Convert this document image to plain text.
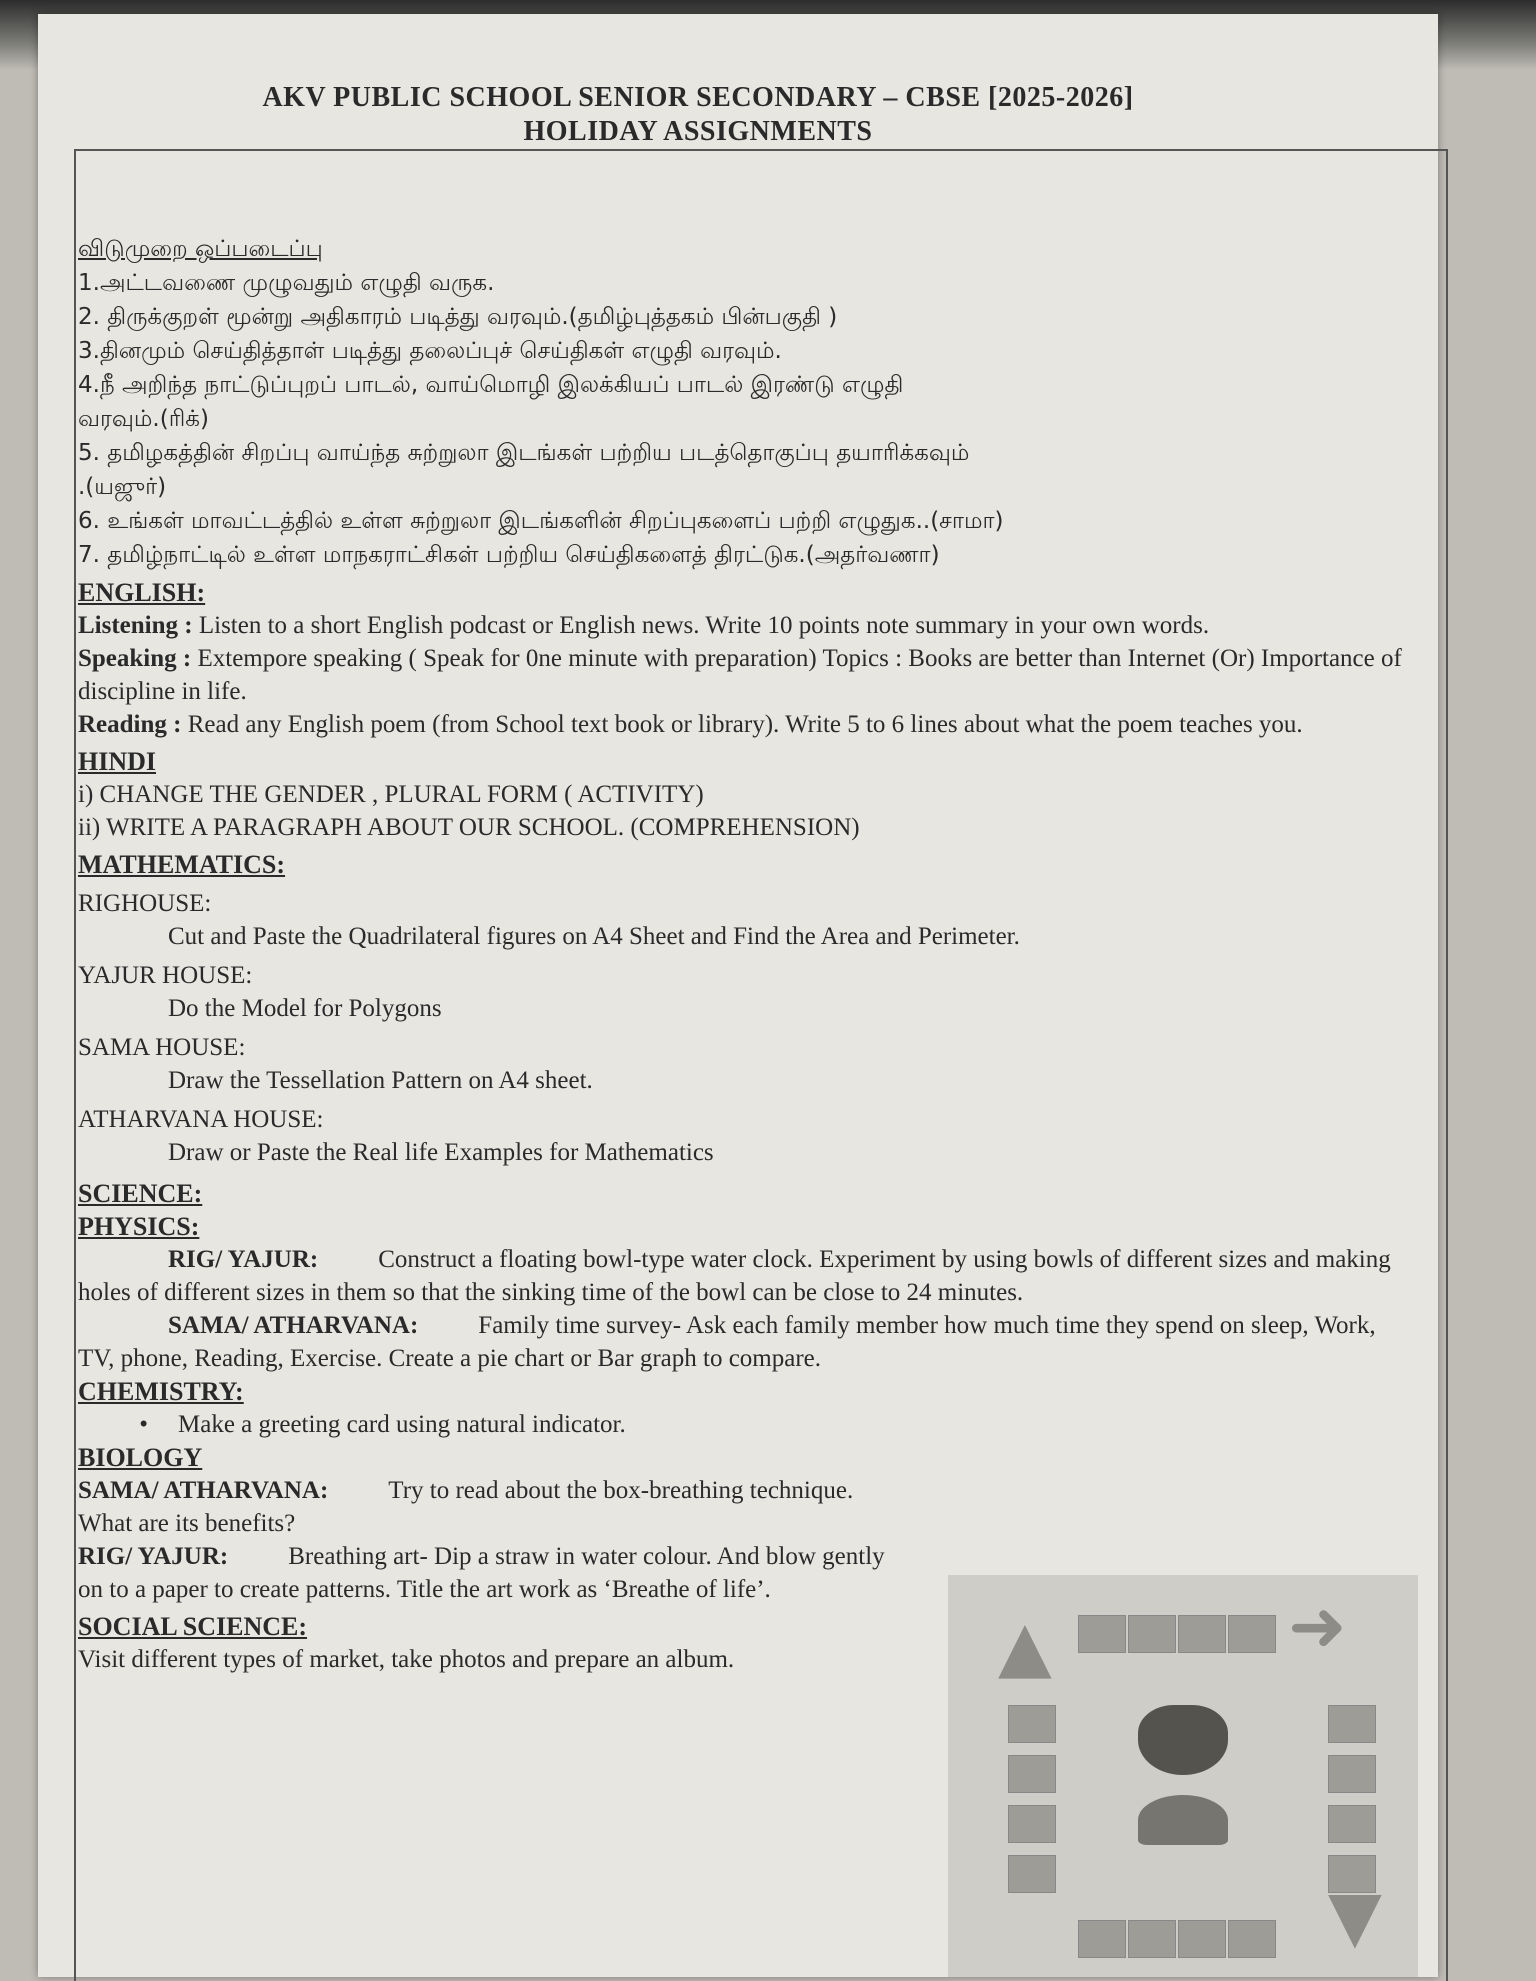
AKV PUBLIC SCHOOL SENIOR SECONDARY – CBSE [2025-2026]
HOLIDAY ASSIGNMENTS
விடுமுறை ஒப்படைப்பு
1.அட்டவணை முழுவதும் எழுதி வருக.
2. திருக்குறள் மூன்று அதிகாரம் படித்து வரவும்.(தமிழ்புத்தகம் பின்பகுதி )
3.தினமும் செய்தித்தாள் படித்து தலைப்புச் செய்திகள் எழுதி வரவும்.
4.நீ அறிந்த நாட்டுப்புறப் பாடல், வாய்மொழி இலக்கியப் பாடல் இரண்டு எழுதி
வரவும்.(ரிக்)
5. தமிழகத்தின் சிறப்பு வாய்ந்த சுற்றுலா இடங்கள் பற்றிய படத்தொகுப்பு தயாரிக்கவும்
.(யஜுர்)
6. உங்கள் மாவட்டத்தில் உள்ள சுற்றுலா இடங்களின் சிறப்புகளைப் பற்றி எழுதுக..(சாமா)
7. தமிழ்நாட்டில் உள்ள மாநகராட்சிகள் பற்றிய செய்திகளைத் திரட்டுக.(அதர்வணா)
ENGLISH:
Listening : Listen to a short English podcast or English news. Write 10 points note summary in your own words.
Speaking : Extempore speaking ( Speak for 0ne minute with preparation) Topics : Books are better than Internet (Or) Importance of discipline in life.
Reading : Read any English poem (from School text book or library). Write 5 to 6 lines about what the poem teaches you.
HINDI
i) CHANGE THE GENDER , PLURAL FORM ( ACTIVITY)
ii) WRITE A PARAGRAPH ABOUT OUR SCHOOL. (COMPREHENSION)
MATHEMATICS:
RIGHOUSE:
Cut and Paste the Quadrilateral figures on A4 Sheet and Find the Area and Perimeter.
YAJUR HOUSE:
Do the Model for Polygons
SAMA HOUSE:
Draw the Tessellation Pattern on A4 sheet.
ATHARVANA HOUSE:
Draw or Paste the Real life Examples for Mathematics
SCIENCE:
PHYSICS:
RIG/ YAJUR: Construct a floating bowl-type water clock. Experiment by using bowls of different sizes and making holes of different sizes in them so that the sinking time of the bowl can be close to 24 minutes.
SAMA/ ATHARVANA: Family time survey- Ask each family member how much time they spend on sleep, Work, TV, phone, Reading, Exercise. Create a pie chart or Bar graph to compare.
CHEMISTRY:
• Make a greeting card using natural indicator.
BIOLOGY
SAMA/ ATHARVANA: Try to read about the box-breathing technique. What are its benefits?
RIG/ YAJUR: Breathing art- Dip a straw in water colour. And blow gently on to a paper to create patterns. Title the art work as ‘Breathe of life’.
SOCIAL SCIENCE:
Visit different types of market, take photos and prepare an album.	➜
▲
▼
